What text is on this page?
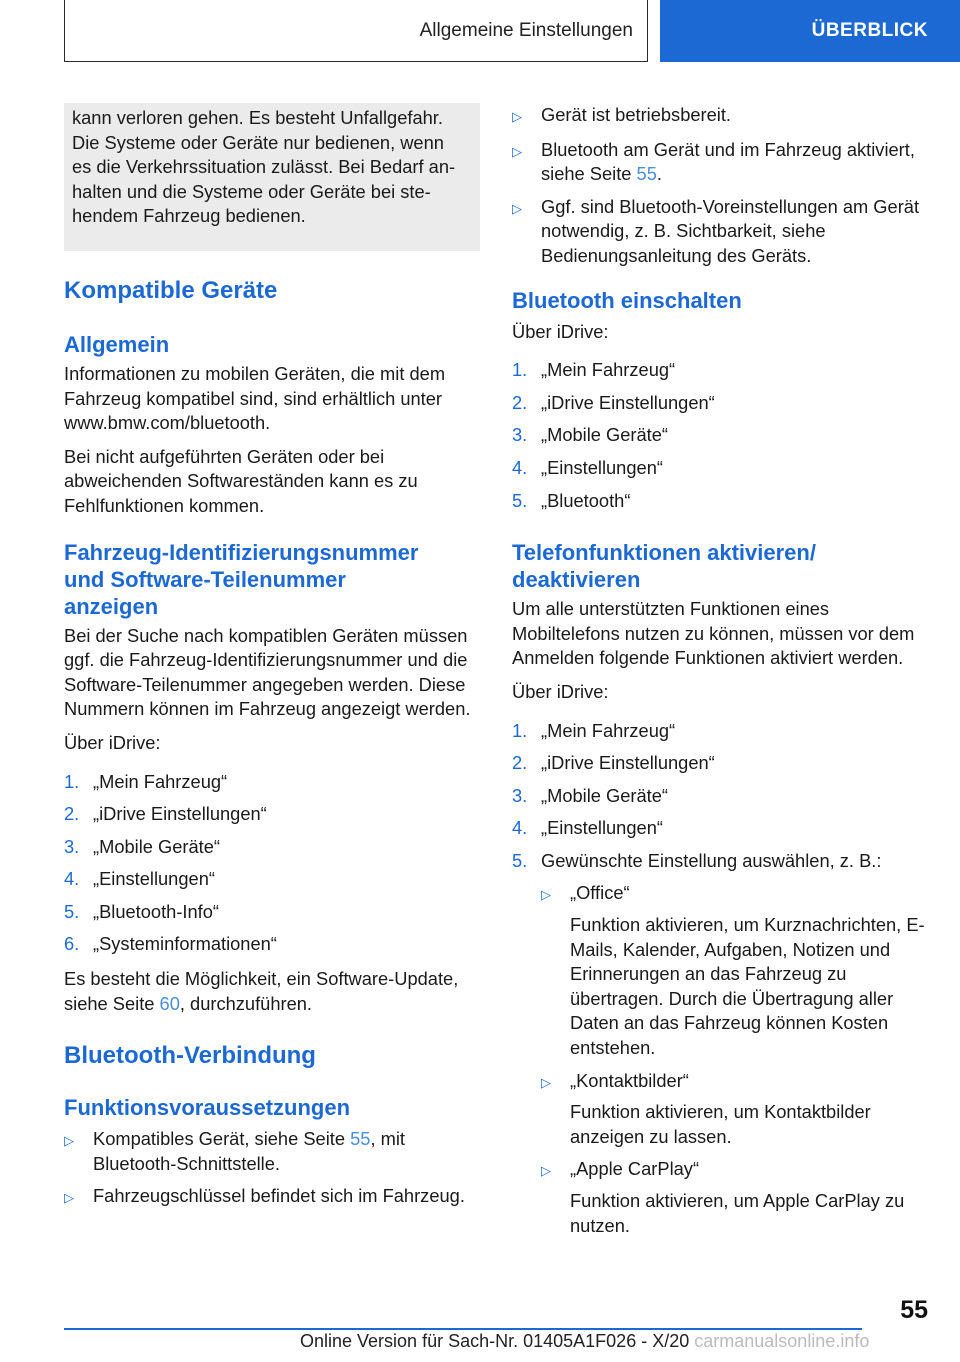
Allgemeine Einstellungen	ÜBERBLICK

kann verloren gehen. Es besteht Unfallgefahr.

Die Systeme oder Geräte nur bedienen, wenn

es die Verkehrssituation zulässt. Bei Bedarf an-

halten und die Systeme oder Geräte bei ste-

hendem Fahrzeug bedienen.

Kompatible Geräte
Allgemein

Informationen zu mobilen Geräten, die mit dem Fahrzeug kompatibel sind, sind erhältlich unter www.bmw.com/bluetooth.

Bei nicht aufgeführten Geräten oder bei abweichenden Softwareständen kann es zu Fehlfunktionen kommen.

Fahrzeug-Identifizierungsnummer
und Software-Teilenummer
anzeigen

Bei der Suche nach kompatiblen Geräten müssen ggf. die Fahrzeug-Identifizierungsnummer und die Software-Teilenummer angegeben werden. Diese Nummern können im Fahrzeug angezeigt werden.

Über iDrive:

1. „Mein Fahrzeug“
2. „iDrive Einstellungen“
3. „Mobile Geräte“
4. „Einstellungen“
5. „Bluetooth-Info“
6. „Systeminformationen“

Es besteht die Möglichkeit, ein Software-Update, siehe Seite 60, durchzuführen.

Bluetooth-Verbindung
Funktionsvoraussetzungen
▷	Kompatibles Gerät, siehe Seite 55, mit Bluetooth-Schnittstelle.
▷	Fahrzeugschlüssel befindet sich im Fahrzeug.
▷	Gerät ist betriebsbereit.
▷	Bluetooth am Gerät und im Fahrzeug aktiviert, siehe Seite 55.
▷	Ggf. sind Bluetooth-Voreinstellungen am Gerät notwendig, z. B. Sichtbarkeit, siehe Bedienungsanleitung des Geräts.
Bluetooth einschalten

Über iDrive:

1. „Mein Fahrzeug“
2. „iDrive Einstellungen“
3. „Mobile Geräte“
4. „Einstellungen“
5. „Bluetooth“
Telefonfunktionen aktivieren/
deaktivieren

Um alle unterstützten Funktionen eines Mobiltelefons nutzen zu können, müssen vor dem Anmelden folgende Funktionen aktiviert werden.

Über iDrive:

1. „Mein Fahrzeug“
2. „iDrive Einstellungen“
3. „Mobile Geräte“
4. „Einstellungen“
5. Gewünschte Einstellung auswählen, z. B.:
▷	„Office“
Funktion aktivieren, um Kurznachrichten, E-Mails, Kalender, Aufgaben, Notizen und Erinnerungen an das Fahrzeug zu übertragen. Durch die Übertragung aller Daten an das Fahrzeug können Kosten entstehen.
▷	„Kontaktbilder“
Funktion aktivieren, um Kontaktbilder anzeigen zu lassen.
▷	„Apple CarPlay“
Funktion aktivieren, um Apple CarPlay zu nutzen.
55
Online Version für Sach-Nr. 01405A1F026 - X/20 carmanualsonline.info
